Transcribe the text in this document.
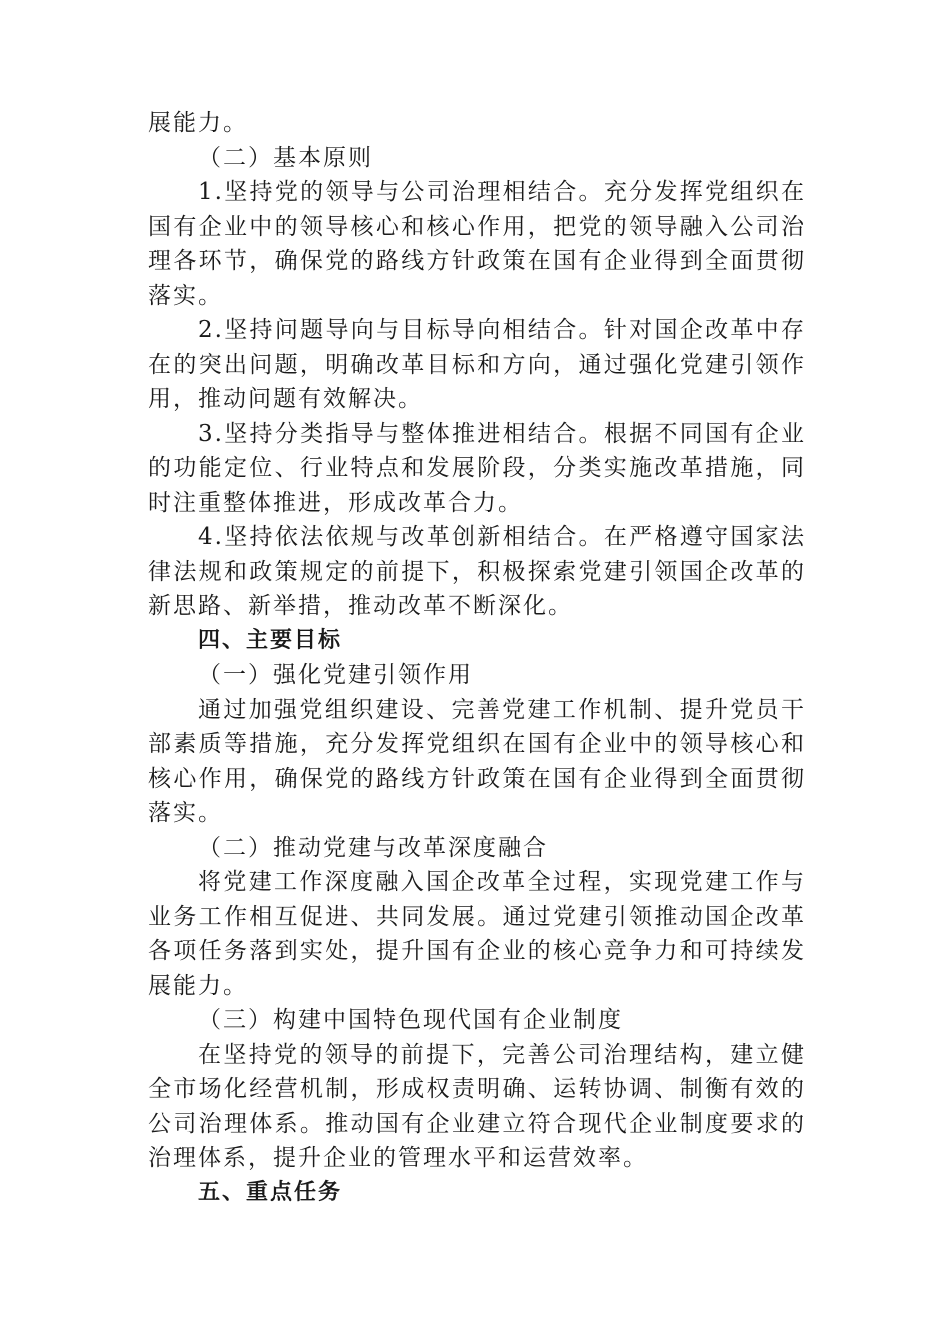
展能力。

（二）基本原则

1.坚持党的领导与公司治理相结合。充分发挥党组织在国有企业中的领导核心和核心作用，把党的领导融入公司治理各环节，确保党的路线方针政策在国有企业得到全面贯彻落实。

2.坚持问题导向与目标导向相结合。针对国企改革中存在的突出问题，明确改革目标和方向，通过强化党建引领作用，推动问题有效解决。

3.坚持分类指导与整体推进相结合。根据不同国有企业的功能定位、行业特点和发展阶段，分类实施改革措施，同时注重整体推进，形成改革合力。

4.坚持依法依规与改革创新相结合。在严格遵守国家法律法规和政策规定的前提下，积极探索党建引领国企改革的新思路、新举措，推动改革不断深化。

四、主要目标

（一）强化党建引领作用

通过加强党组织建设、完善党建工作机制、提升党员干部素质等措施，充分发挥党组织在国有企业中的领导核心和核心作用，确保党的路线方针政策在国有企业得到全面贯彻落实。

（二）推动党建与改革深度融合

将党建工作深度融入国企改革全过程，实现党建工作与业务工作相互促进、共同发展。通过党建引领推动国企改革各项任务落到实处，提升国有企业的核心竞争力和可持续发展能力。

（三）构建中国特色现代国有企业制度

在坚持党的领导的前提下，完善公司治理结构，建立健全市场化经营机制，形成权责明确、运转协调、制衡有效的公司治理体系。推动国有企业建立符合现代企业制度要求的治理体系，提升企业的管理水平和运营效率。

五、重点任务
